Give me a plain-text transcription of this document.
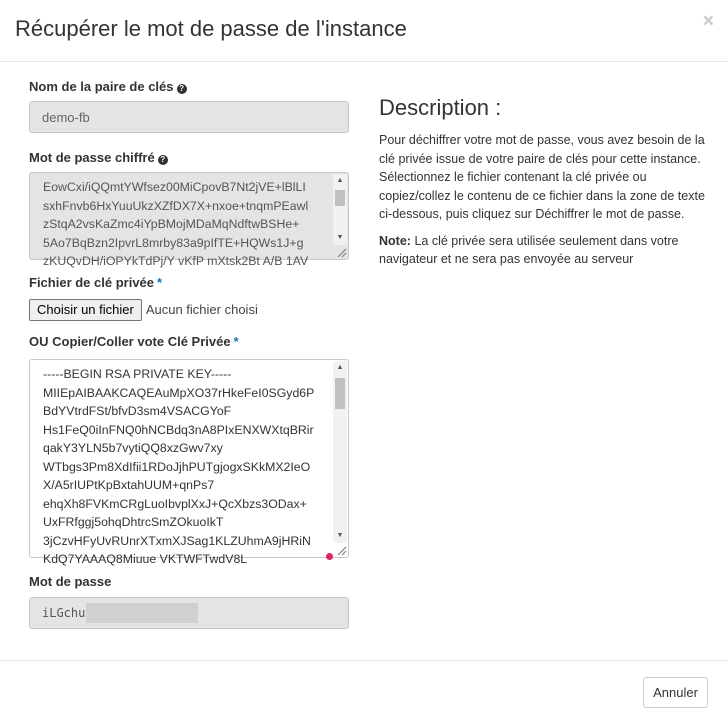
Récupérer le mot de passe de l'instance	×
Nom de la paire de clés ?
demo-fb
Mot de passe chiffré ?
EowCxi/iQQmtYWfsez00MiCpovB7Nt2jVE+lBlLI
sxhFnvb6HxYuuUkzXZfDX7X+nxoe+tnqmPEawl
zStqA2vsKaZmc4iYpBMojMDaMqNdftwBSHe+
5Ao7BqBzn2IpvrL8mrby83a9pIfTE+HQWs1J+g
zKUQvDH/iOPYkTdPj/Y vKfP mXtsk2Bt A/B 1AV
▲
▼
Fichier de clé privée *
Choisir un fichier Aucun fichier choisi
OU Copier/Coller vote Clé Privée *
-----BEGIN RSA PRIVATE KEY-----
MIIEpAIBAAKCAQEAuMpXO37rHkeFeI0SGyd6P
BdYVtrdFSt/bfvD3sm4VSACGYoF
Hs1FeQ0iInFNQ0hNCBdq3nA8PIxENXWXtqBRir
qakY3YLN5b7vytiQQ8xzGwv7xy
WTbgs3Pm8XdIfii1RDoJjhPUTgjogxSKkMX2IeO
X/A5rIUPtKpBxtahUUM+qnPs7
ehqXh8FVKmCRgLuoIbvplXxJ+QcXbzs3ODax+
UxFRfggj5ohqDhtrcSmZOkuoIkT
3jCzvHFyUvRUnrXTxmXJSag1KLZUhmA9jHRiN
KdQ7YAAAQ8Miuue VKTWFTwdV8L
▲
▼
Mot de passe
iLGchu
Description :

Pour déchiffrer votre mot de passe, vous avez besoin de la clé privée issue de votre paire de clés pour cette instance. Sélectionnez le fichier contenant la clé privée ou copiez/collez le contenu de ce fichier dans la zone de texte ci-dessous, puis cliquez sur Déchiffrer le mot de passe.

Note: La clé privée sera utilisée seulement dans votre navigateur et ne sera pas envoyée au serveur

Annuler
